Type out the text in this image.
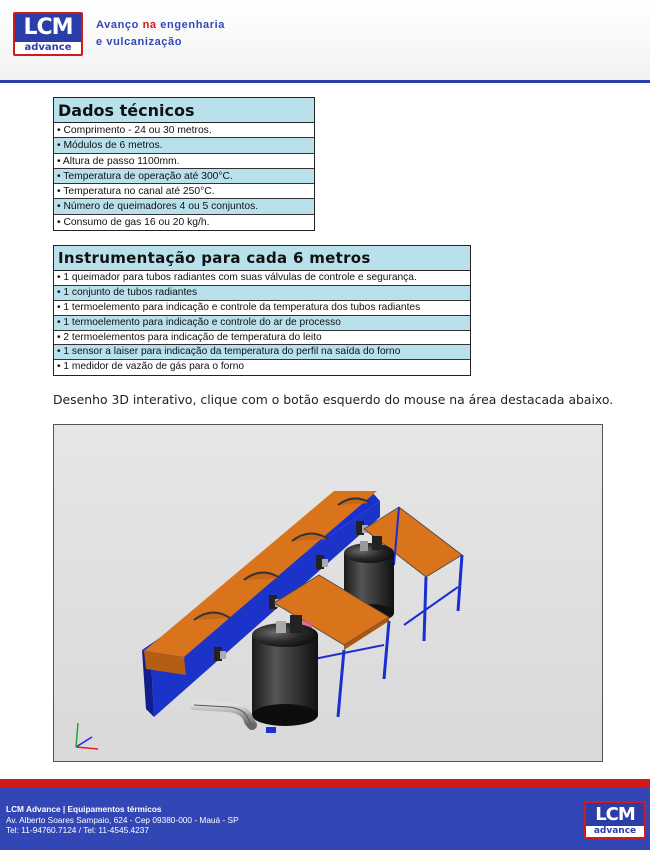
LCM
advance
Avanço na engenharia
e vulcanização
Dados técnicos
• Comprimento - 24 ou 30 metros.
• Módulos de 6 metros.
• Altura de passo 1100mm.
• Temperatura de operação até 300°C.
• Temperatura no canal até 250°C.
• Número de queimadores 4 ou 5 conjuntos.
• Consumo de gas 16 ou 20 kg/h.
Instrumentação para cada 6 metros
• 1 queimador para tubos radiantes com suas válvulas de controle e segurança.
• 1 conjunto de tubos radiantes
• 1 termoelemento para indicação e controle da temperatura dos tubos radiantes
• 1 termoelemento para indicação e controle do ar de processo
• 2 termoelementos para indicação de temperatura do leito
• 1 sensor a laiser para indicação da temperatura do perfil na saída do forno
• 1 medidor de vazão de gás para o forno
Desenho 3D interativo, clique com o botão esquerdo do mouse na área destacada abaixo.
LCM Advance | Equipamentos térmicos
Av. Alberto Soares Sampaio, 624 - Cep 09380-000 - Mauá - SP
Tel: 11-94760.7124 / Tel: 11-4545.4237
LCM
advance
